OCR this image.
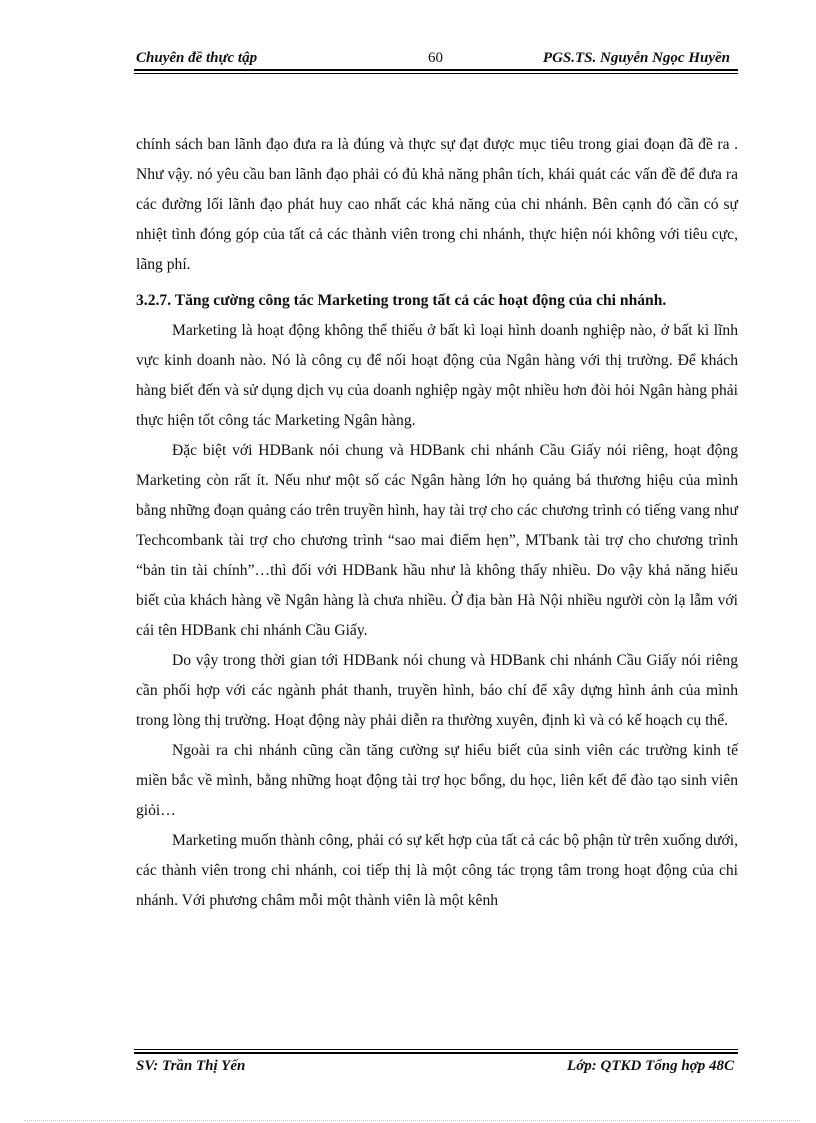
Chuyên đề thực tập	60	PGS.TS. Nguyễn Ngọc Huyền

chính sách ban lãnh đạo đưa ra là đúng và thực sự đạt được mục tiêu trong giai đoạn đã đề ra . Như vậy. nó yêu cầu ban lãnh đạo phải có đủ khả năng phân tích, khái quát các vấn đề để đưa ra các đường lối lãnh đạo phát huy cao nhất các khả năng của chi nhánh. Bên cạnh đó cần có sự nhiệt tình đóng góp của tất cả các thành viên trong chi nhánh, thực hiện nói không với tiêu cực, lãng phí.

3.2.7. Tăng cường công tác Marketing trong tất cả các hoạt động của chi nhánh.

Marketing là hoạt động không thể thiếu ở bất kì loại hình doanh nghiệp nào, ở bất kì lĩnh vực kinh doanh nào. Nó là công cụ để nối hoạt động của Ngân hàng với thị trường. Để khách hàng biết đến và sử dụng dịch vụ của doanh nghiệp ngày một nhiều hơn đòi hỏi Ngân hàng phải thực hiện tốt công tác Marketing Ngân hàng.

Đặc biệt với HDBank nói chung và HDBank chi nhánh Cầu Giấy nói riêng, hoạt động Marketing còn rất ít. Nếu như một số các Ngân hàng lớn họ quảng bá thương hiệu của mình bằng những đoạn quảng cáo trên truyền hình, hay tài trợ cho các chương trình có tiếng vang như Techcombank tài trợ cho chương trình “sao mai điểm hẹn”, MTbank tài trợ cho chương trình “bản tin tài chính”…thì đối với HDBank hầu như là không thấy nhiều. Do vậy khả năng hiểu biết của khách hàng về Ngân hàng là chưa nhiều. Ở địa bàn Hà Nội nhiều người còn lạ lẫm với cái tên HDBank chi nhánh Cầu Giấy.

Do vậy trong thời gian tới HDBank nói chung và HDBank chi nhánh Cầu Giấy nói riêng cần phối hợp với các ngành phát thanh, truyền hình, báo chí để xây dựng hình ảnh của mình trong lòng thị trường. Hoạt động này phải diễn ra thường xuyên, định kì và có kế hoạch cụ thể.

Ngoài ra chi nhánh cũng cần tăng cường sự hiểu biết của sinh viên các trường kinh tế miền bắc về mình, bằng những hoạt động tài trợ học bổng, du học, liên kết để đào tạo sinh viên giỏi…

Marketing muốn thành công, phải có sự kết hợp của tất cả các bộ phận từ trên xuống dưới, các thành viên trong chi nhánh, coi tiếp thị là một công tác trọng tâm trong hoạt động của chi nhánh. Với phương châm mỗi một thành viên là một kênh

SV: Trần Thị Yến	Lớp: QTKD Tổng hợp 48C
